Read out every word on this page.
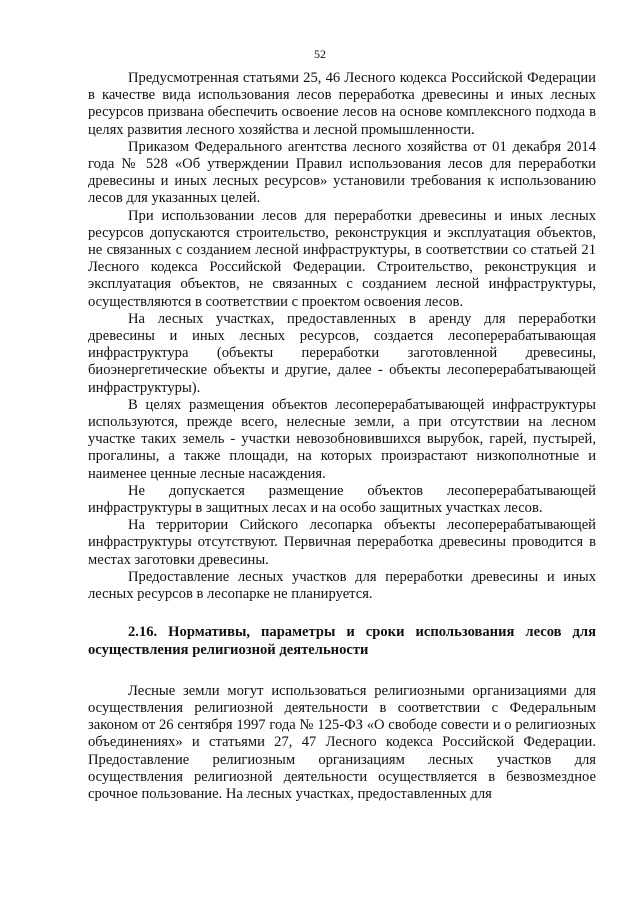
52

Предусмотренная статьями 25, 46 Лесного кодекса Российской Федерации в качестве вида использования лесов переработка древесины и иных лесных ресурсов призвана обеспечить освоение лесов на основе комплексного подхода в целях развития лесного хозяйства и лесной промышленности.

Приказом Федерального агентства лесного хозяйства от 01 декабря 2014 года № 528 «Об утверждении Правил использования лесов для переработки древесины и иных лесных ресурсов» установили требования к использованию лесов для указанных целей.

При использовании лесов для переработки древесины и иных лесных ресурсов допускаются строительство, реконструкция и эксплуатация объектов, не связанных с созданием лесной инфраструктуры, в соответствии со статьей 21 Лесного кодекса Российской Федерации. Строительство, реконструкция и эксплуатация объектов, не связанных с созданием лесной инфраструктуры, осуществляются в соответствии с проектом освоения лесов.

На лесных участках, предоставленных в аренду для переработки древесины и иных лесных ресурсов, создается лесоперерабатывающая инфраструктура (объекты переработки заготовленной древесины, биоэнергетические объекты и другие, далее - объекты лесоперерабатывающей инфраструктуры).

В целях размещения объектов лесоперерабатывающей инфраструктуры используются, прежде всего, нелесные земли, а при отсутствии на лесном участке таких земель - участки невозобновившихся вырубок, гарей, пустырей, прогалины, а также площади, на которых произрастают низкополнотные и наименее ценные лесные насаждения.

Не допускается размещение объектов лесоперерабатывающей инфраструктуры в защитных лесах и на особо защитных участках лесов.

На территории Сийского лесопарка объекты лесоперерабатывающей инфраструктуры отсутствуют. Первичная переработка древесины проводится в местах заготовки древесины.

Предоставление лесных участков для переработки древесины и иных лесных ресурсов в лесопарке не планируется.

2.16. Нормативы, параметры и сроки использования лесов для осуществления религиозной деятельности

Лесные земли могут использоваться религиозными организациями для осуществления религиозной деятельности в соответствии с Федеральным законом от 26 сентября 1997 года № 125-ФЗ «О свободе совести и о религиозных объединениях» и статьями 27, 47 Лесного кодекса Российской Федерации. Предоставление религиозным организациям лесных участков для осуществления религиозной деятельности осуществляется в безвозмездное срочное пользование. На лесных участках, предоставленных для
